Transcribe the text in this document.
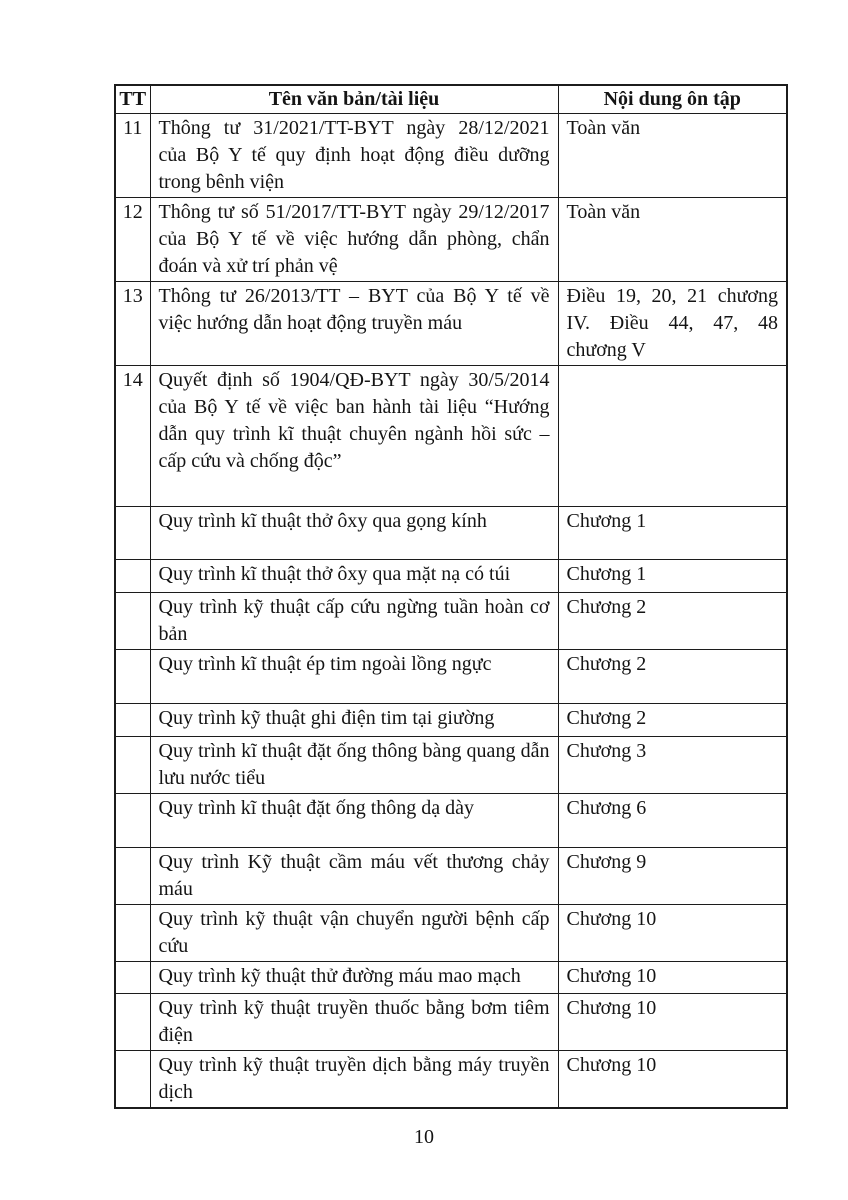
TT	Tên văn bản/tài liệu	Nội dung ôn tập
11	Thông tư 31/2021/TT-BYT ngày 28/12/2021 của Bộ Y tế quy định hoạt động điều dưỡng trong bênh viện	Toàn văn
12	Thông tư số 51/2017/TT-BYT ngày 29/12/2017 của Bộ Y tế về việc hướng dẫn phòng, chẩn đoán và xử trí phản vệ	Toàn văn
13	Thông tư 26/2013/TT – BYT của Bộ Y tế về việc hướng dẫn hoạt động truyền máu	Điều 19, 20, 21 chương IV. Điều 44, 47, 48 chương V
14	Quyết định số 1904/QĐ-BYT ngày 30/5/2014 của Bộ Y tế về việc ban hành tài liệu “Hướng dẫn quy trình kĩ thuật chuyên ngành hồi sức – cấp cứu và chống độc”	
	Quy trình kĩ thuật thở ôxy qua gọng kính	Chương 1
	Quy trình kĩ thuật thở ôxy qua mặt nạ có túi	Chương 1
	Quy trình kỹ thuật cấp cứu ngừng tuần hoàn cơ bản	Chương 2
	Quy trình kĩ thuật ép tim ngoài lồng ngực	Chương 2
	Quy trình kỹ thuật ghi điện tim tại giường	Chương 2
	Quy trình kĩ thuật đặt ống thông bàng quang dẫn lưu nước tiểu	Chương 3
	Quy trình kĩ thuật đặt ống thông dạ dày	Chương 6
	Quy trình Kỹ thuật cầm máu vết thương chảy máu	Chương 9
	Quy trình kỹ thuật vận chuyển người bệnh cấp cứu	Chương 10
	Quy trình kỹ thuật thử đường máu mao mạch	Chương 10
	Quy trình kỹ thuật truyền thuốc bằng bơm tiêm điện	Chương 10
	Quy trình kỹ thuật truyền dịch bằng máy truyền dịch	Chương 10
10
